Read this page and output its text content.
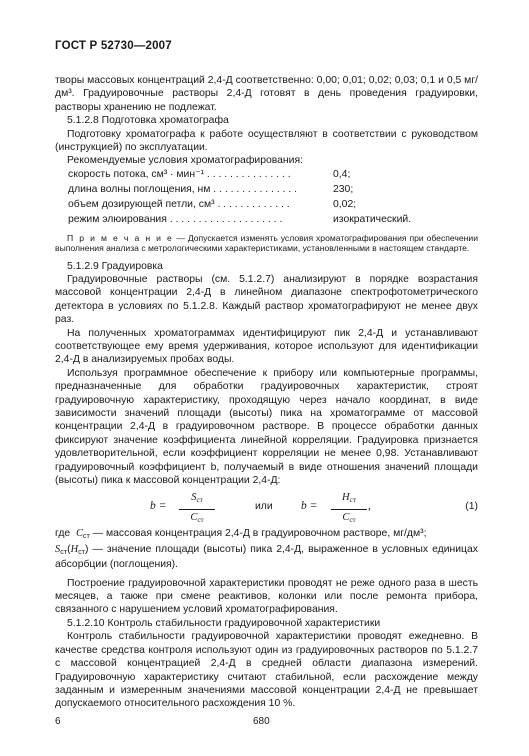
ГОСТ Р 52730—2007

творы массовых концентраций 2,4-Д соответственно: 0,00; 0,01; 0,02; 0,03; 0,1 и 0,5 мг/дм³. Градуировочные растворы 2,4-Д готовят в день проведения градуировки, растворы хранению не подлежат.

5.1.2.8 Подготовка хроматографа

Подготовку хроматографа к работе осуществляют в соответствии с руководством (инструкцией) по эксплуатации.

Рекомендуемые условия хроматографирования:

скорость потока, см³ · мин⁻¹ . . . . . . . . . . . . . . .	0,4;
длина волны поглощения, нм . . . . . . . . . . . . . . .	230;
объем дозирующей петли, см³ . . . . . . . . . . . . .	0,02;
режим элюирования . . . . . . . . . . . . . . . . . . . .	изократический.

П р и м е ч а н и е — Допускается изменять условия хроматографирования при обеспечении выполнения анализа с метрологическими характеристиками, установленными в настоящем стандарте.

5.1.2.9 Градуировка

Градуировочные растворы (см. 5.1.2.7) анализируют в порядке возрастания массовой концентрации 2,4-Д в линейном диапазоне спектрофотометрического детектора в условиях по 5.1.2.8. Каждый раствор хроматографируют не менее двух раз.

На полученных хроматограммах идентифицируют пик 2,4-Д и устанавливают соответствующее ему время удерживания, которое используют для идентификации 2,4-Д в анализируемых пробах воды.

Используя программное обеспечение к прибору или компьютерные программы, предназначенные для обработки градуировочных характеристик, строят градуировочную характеристику, проходящую через начало координат, в виде зависимости значений площади (высоты) пика на хроматограмме от массовой концентрации 2,4-Д в градуировочном растворе. В процессе обработки данных фиксируют значение коэффициента линейной корреляции. Градуировка признается удовлетворительной, если коэффициент корреляции не менее 0,98. Устанавливают градуировочный коэффициент b, получаемый в виде отношения значений площади (высоты) пика к массовой концентрации 2,4-Д:

b =
$S_{ст}$
$C_{ст}$
или b =
$H_{ст}$
$C_{ст}$
,	(1)

где $C_{ст}$ — массовая концентрация 2,4-Д в градуировочном растворе, мг/дм³;

$S_{ст}(H_{ст})$ — значение площади (высоты) пика 2,4-Д, выраженное в условных единицах абсорбции (поглощения).

Построение градуировочной характеристики проводят не реже одного раза в шесть месяцев, а также при смене реактивов, колонки или после ремонта прибора, связанного с нарушением условий хроматографирования.

5.1.2.10 Контроль стабильности градуировочной характеристики

Контроль стабильности градуировочной характеристики проводят ежедневно. В качестве средства контроля используют один из градуировочных растворов по 5.1.2.7 с массовой концентрацией 2,4-Д в средней области диапазона измерений. Градуировочную характеристику считают стабильной, если расхождение между заданным и измеренным значениями массовой концентрации 2,4-Д не превышает допускаемого относительного расхождения 10 %.

6	680
